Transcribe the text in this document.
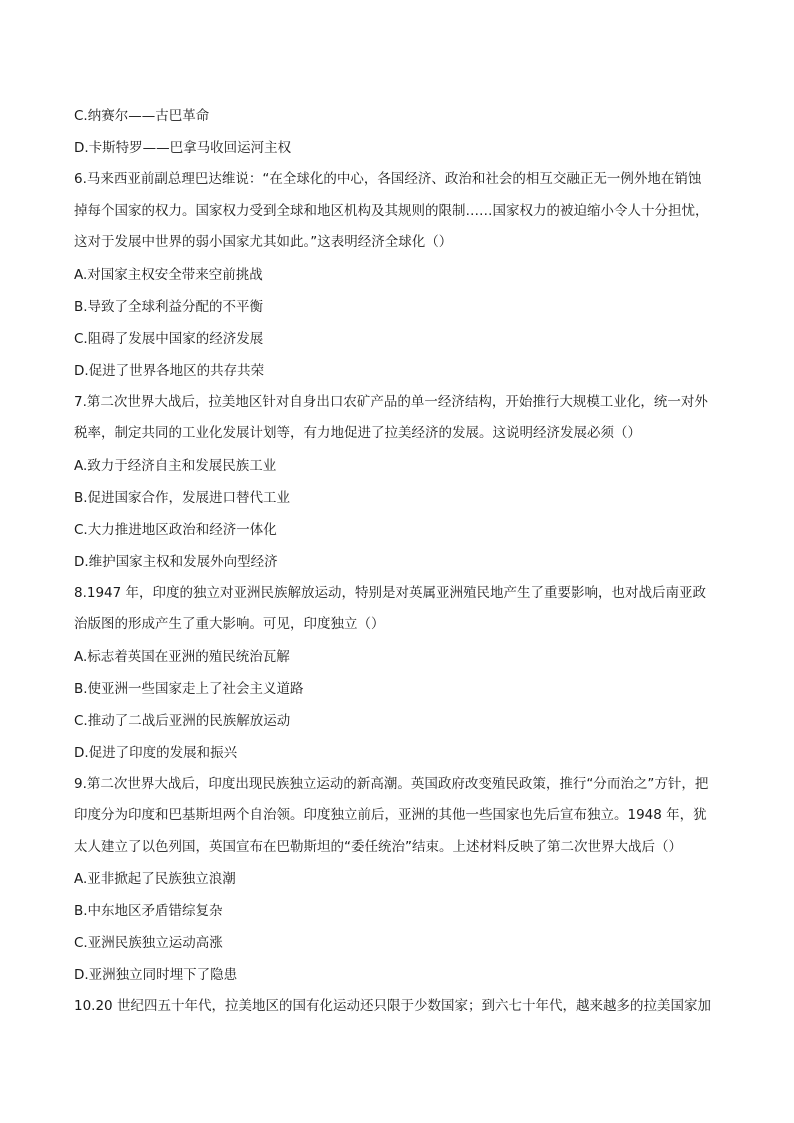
C.纳赛尔——古巴革命
D.卡斯特罗——巴拿马收回运河主权
6.马来西亚前副总理巴达维说：“在全球化的中心，各国经济、政治和社会的相互交融正无一例外地在销蚀
掉每个国家的权力。国家权力受到全球和地区机构及其规则的限制……国家权力的被迫缩小令人十分担忧，
这对于发展中世界的弱小国家尤其如此。”这表明经济全球化（）
A.对国家主权安全带来空前挑战
B.导致了全球利益分配的不平衡
C.阻碍了发展中国家的经济发展
D.促进了世界各地区的共存共荣
7.第二次世界大战后，拉美地区针对自身出口农矿产品的单一经济结构，开始推行大规模工业化，统一对外
税率，制定共同的工业化发展计划等，有力地促进了拉美经济的发展。这说明经济发展必须（）
A.致力于经济自主和发展民族工业
B.促进国家合作，发展进口替代工业
C.大力推进地区政治和经济一体化
D.维护国家主权和发展外向型经济
8.1947 年，印度的独立对亚洲民族解放运动，特别是对英属亚洲殖民地产生了重要影响，也对战后南亚政
治版图的形成产生了重大影响。可见，印度独立（）
A.标志着英国在亚洲的殖民统治瓦解
B.使亚洲一些国家走上了社会主义道路
C.推动了二战后亚洲的民族解放运动
D.促进了印度的发展和振兴
9.第二次世界大战后，印度出现民族独立运动的新高潮。英国政府改变殖民政策，推行“分而治之”方针，把
印度分为印度和巴基斯坦两个自治领。印度独立前后，亚洲的其他一些国家也先后宣布独立。1948 年，犹
太人建立了以色列国，英国宣布在巴勒斯坦的“委任统治”结束。上述材料反映了第二次世界大战后（）
A.亚非掀起了民族独立浪潮
B.中东地区矛盾错综复杂
C.亚洲民族独立运动高涨
D.亚洲独立同时埋下了隐患
10.20 世纪四五十年代，拉美地区的国有化运动还只限于少数国家；到六七十年代，越来越多的拉美国家加
